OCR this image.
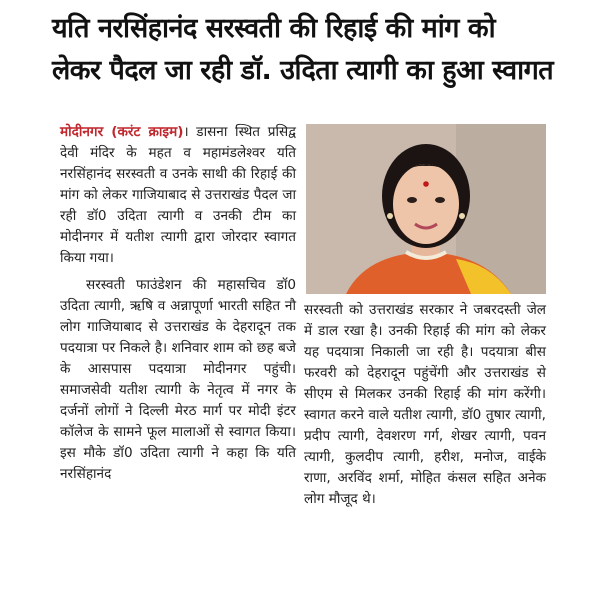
यति नरसिंहानंद सरस्वती की रिहाई की मांग को
लेकर पैदल जा रही डॉ. उदिता त्यागी का हुआ स्वागत

मोदीनगर (करंट क्राइम)। डासना स्थित प्रसिद्व देवी मंदिर के महत व महामंडलेश्वर यति नरसिंहानंद सरस्वती व उनके साथी की रिहाई की मांग को लेकर गाजियाबाद से उत्तराखंड पैदल जा रही डॉ0 उदिता त्यागी व उनकी टीम का मोदीनगर में यतीश त्यागी द्वारा जोरदार स्वागत किया गया।

सरस्वती फाउंडेशन की महासचिव डॉ0 उदिता त्यागी, ऋषि व अन्नापूर्णा भारती सहित नौ लोग गाजियाबाद से उत्तराखंड के देहरादून तक पदयात्रा पर निकले है। शनिवार शाम को छह बजे के आसपास पदयात्रा मोदीनगर पहुंची। समाजसेवी यतीश त्यागी के नेतृत्व में नगर के दर्जनों लोगों ने दिल्ली मेरठ मार्ग पर मोदी इंटर कॉलेज के सामने फूल मालाओं से स्वागत किया। इस मौके डॉ0 उदिता त्यागी ने कहा कि यति नरसिंहानंद

सरस्वती को उत्तराखंड सरकार ने जबरदस्ती जेल में डाल रखा है। उनकी रिहाई की मांग को लेकर यह पदयात्रा निकाली जा रही है। पदयात्रा बीस फरवरी को देहरादून पहुंचेंगी और उत्तराखंड से सीएम से मिलकर उनकी रिहाई की मांग करेंगी। स्वागत करने वाले यतीश त्यागी, डॉ0 तुषार त्यागी, प्रदीप त्यागी, देवशरण गर्ग, शेखर त्यागी, पवन त्यागी, कुलदीप त्यागी, हरीश, मनोज, वाईके राणा, अरविंद शर्मा, मोहित कंसल सहित अनेक लोग मौजूद थे।
